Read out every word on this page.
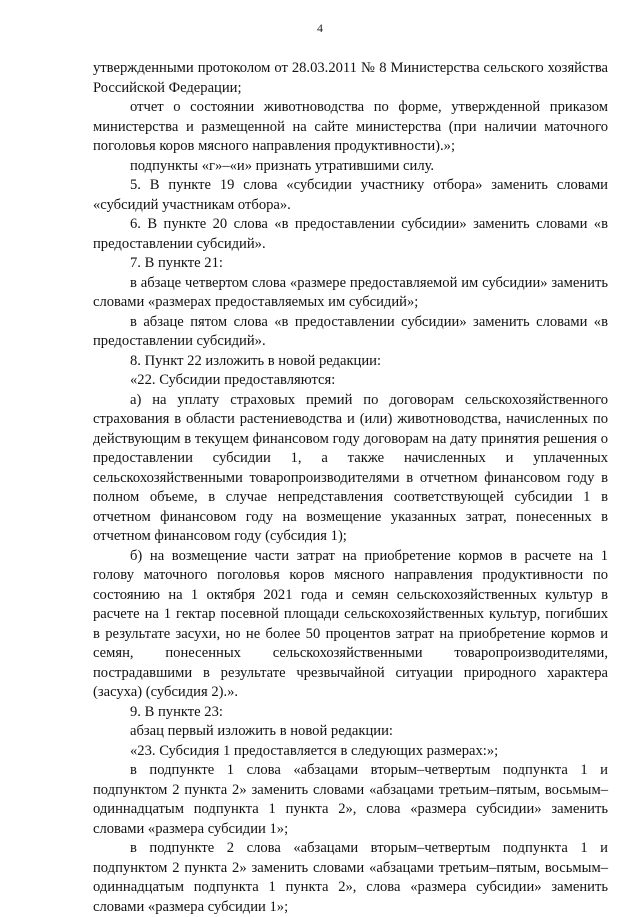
4

утвержденными протоколом от 28.03.2011 № 8 Министерства сельского хозяйства Российской Федерации;

отчет о состоянии животноводства по форме, утвержденной приказом министерства и размещенной на сайте министерства (при наличии маточного поголовья коров мясного направления продуктивности).»;

подпункты «г»–«и» признать утратившими силу.

5. В пункте 19 слова «субсидии участнику отбора» заменить словами «субсидий участникам отбора».

6. В пункте 20 слова «в предоставлении субсидии» заменить словами «в предоставлении субсидий».

7. В пункте 21:

в абзаце четвертом слова «размере предоставляемой им субсидии» заменить словами «размерах предоставляемых им субсидий»;

в абзаце пятом слова «в предоставлении субсидии» заменить словами «в предоставлении субсидий».

8. Пункт 22 изложить в новой редакции:

«22. Субсидии предоставляются:

а) на уплату страховых премий по договорам сельскохозяйственного страхования в области растениеводства и (или) животноводства, начисленных по действующим в текущем финансовом году договорам на дату принятия решения о предоставлении субсидии 1, а также начисленных и уплаченных сельскохозяйственными товаропроизводителями в отчетном финансовом году в полном объеме, в случае непредставления соответствующей субсидии 1 в отчетном финансовом году на возмещение указанных затрат, понесенных в отчетном финансовом году (субсидия 1);

б) на возмещение части затрат на приобретение кормов в расчете на 1 голову маточного поголовья коров мясного направления продуктивности по состоянию на 1 октября 2021 года и семян сельскохозяйственных культур в расчете на 1 гектар посевной площади сельскохозяйственных культур, погибших в результате засухи, но не более 50 процентов затрат на приобретение кормов и семян, понесенных сельскохозяйственными товаропроизводителями, пострадавшими в результате чрезвычайной ситуации природного характера (засуха) (субсидия 2).».

9. В пункте 23:

абзац первый изложить в новой редакции:

«23. Субсидия 1 предоставляется в следующих размерах:»;

в подпункте 1 слова «абзацами вторым–четвертым подпункта 1 и подпунктом 2 пункта 2» заменить словами «абзацами третьим–пятым, восьмым–одиннадцатым подпункта 1 пункта 2», слова «размера субсидии» заменить словами «размера субсидии 1»;

в подпункте 2 слова «абзацами вторым–четвертым подпункта 1 и подпунктом 2 пункта 2» заменить словами «абзацами третьим–пятым, восьмым–одиннадцатым подпункта 1 пункта 2», слова «размера субсидии» заменить словами «размера субсидии 1»;
